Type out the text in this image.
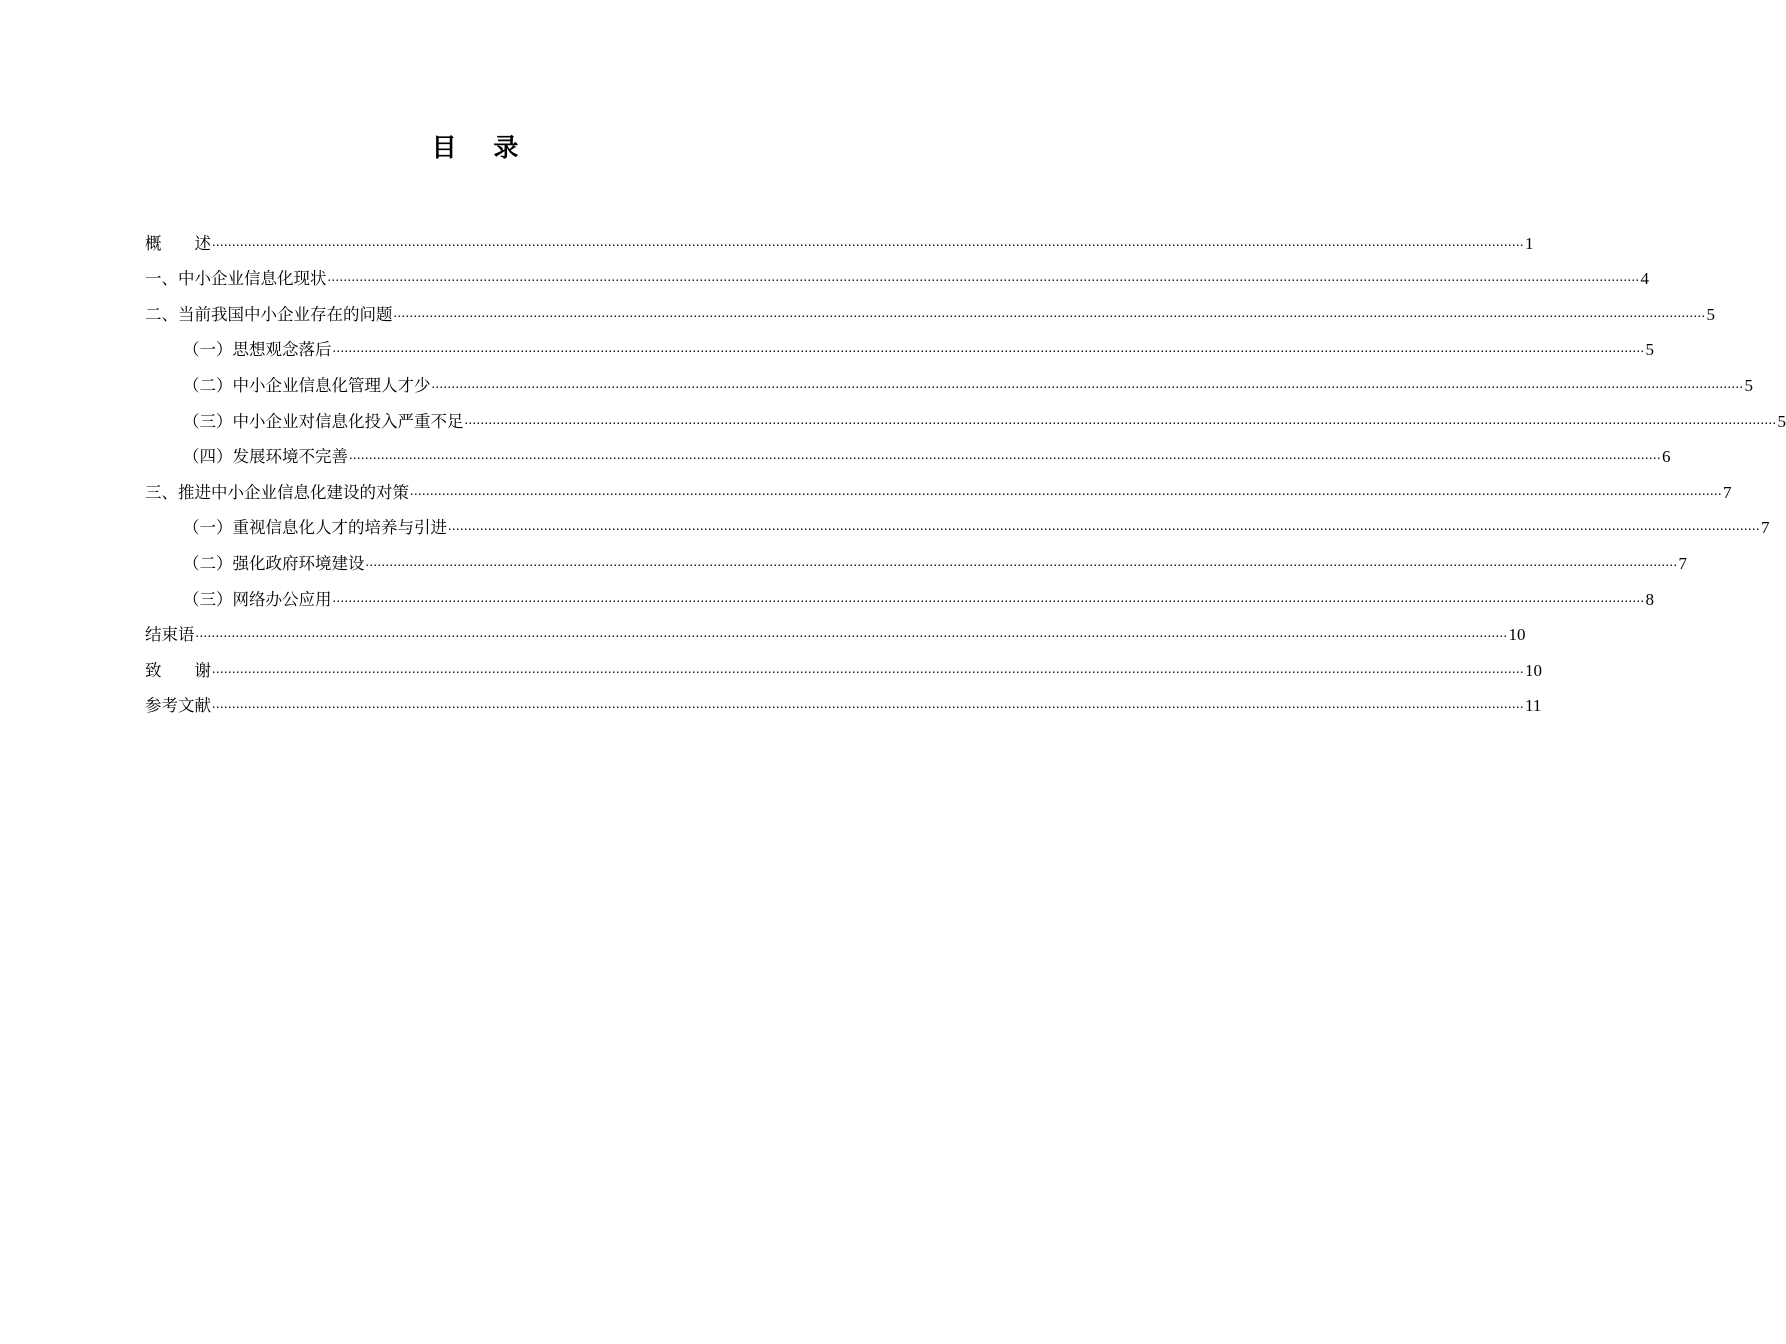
目 录
概　　述 ........................................................................................................................................................................................................................................................................................................................................ 1
一、中小企业信息化现状 ........................................................................................................................................................................................................................................................................................................................................ 4
二、当前我国中小企业存在的问题 ........................................................................................................................................................................................................................................................................................................................................ 5
（一）思想观念落后 ........................................................................................................................................................................................................................................................................................................................................ 5
（二）中小企业信息化管理人才少 ........................................................................................................................................................................................................................................................................................................................................ 5
（三）中小企业对信息化投入严重不足 ........................................................................................................................................................................................................................................................................................................................................ 5
（四）发展环境不完善 ........................................................................................................................................................................................................................................................................................................................................ 6
三、推进中小企业信息化建设的对策 ........................................................................................................................................................................................................................................................................................................................................ 7
（一）重视信息化人才的培养与引进 ........................................................................................................................................................................................................................................................................................................................................ 7
（二）强化政府环境建设 ........................................................................................................................................................................................................................................................................................................................................ 7
（三）网络办公应用 ........................................................................................................................................................................................................................................................................................................................................ 8
结束语 ........................................................................................................................................................................................................................................................................................................................................ 10
致　　谢 ........................................................................................................................................................................................................................................................................................................................................ 10
参考文献 ........................................................................................................................................................................................................................................................................................................................................ 11
